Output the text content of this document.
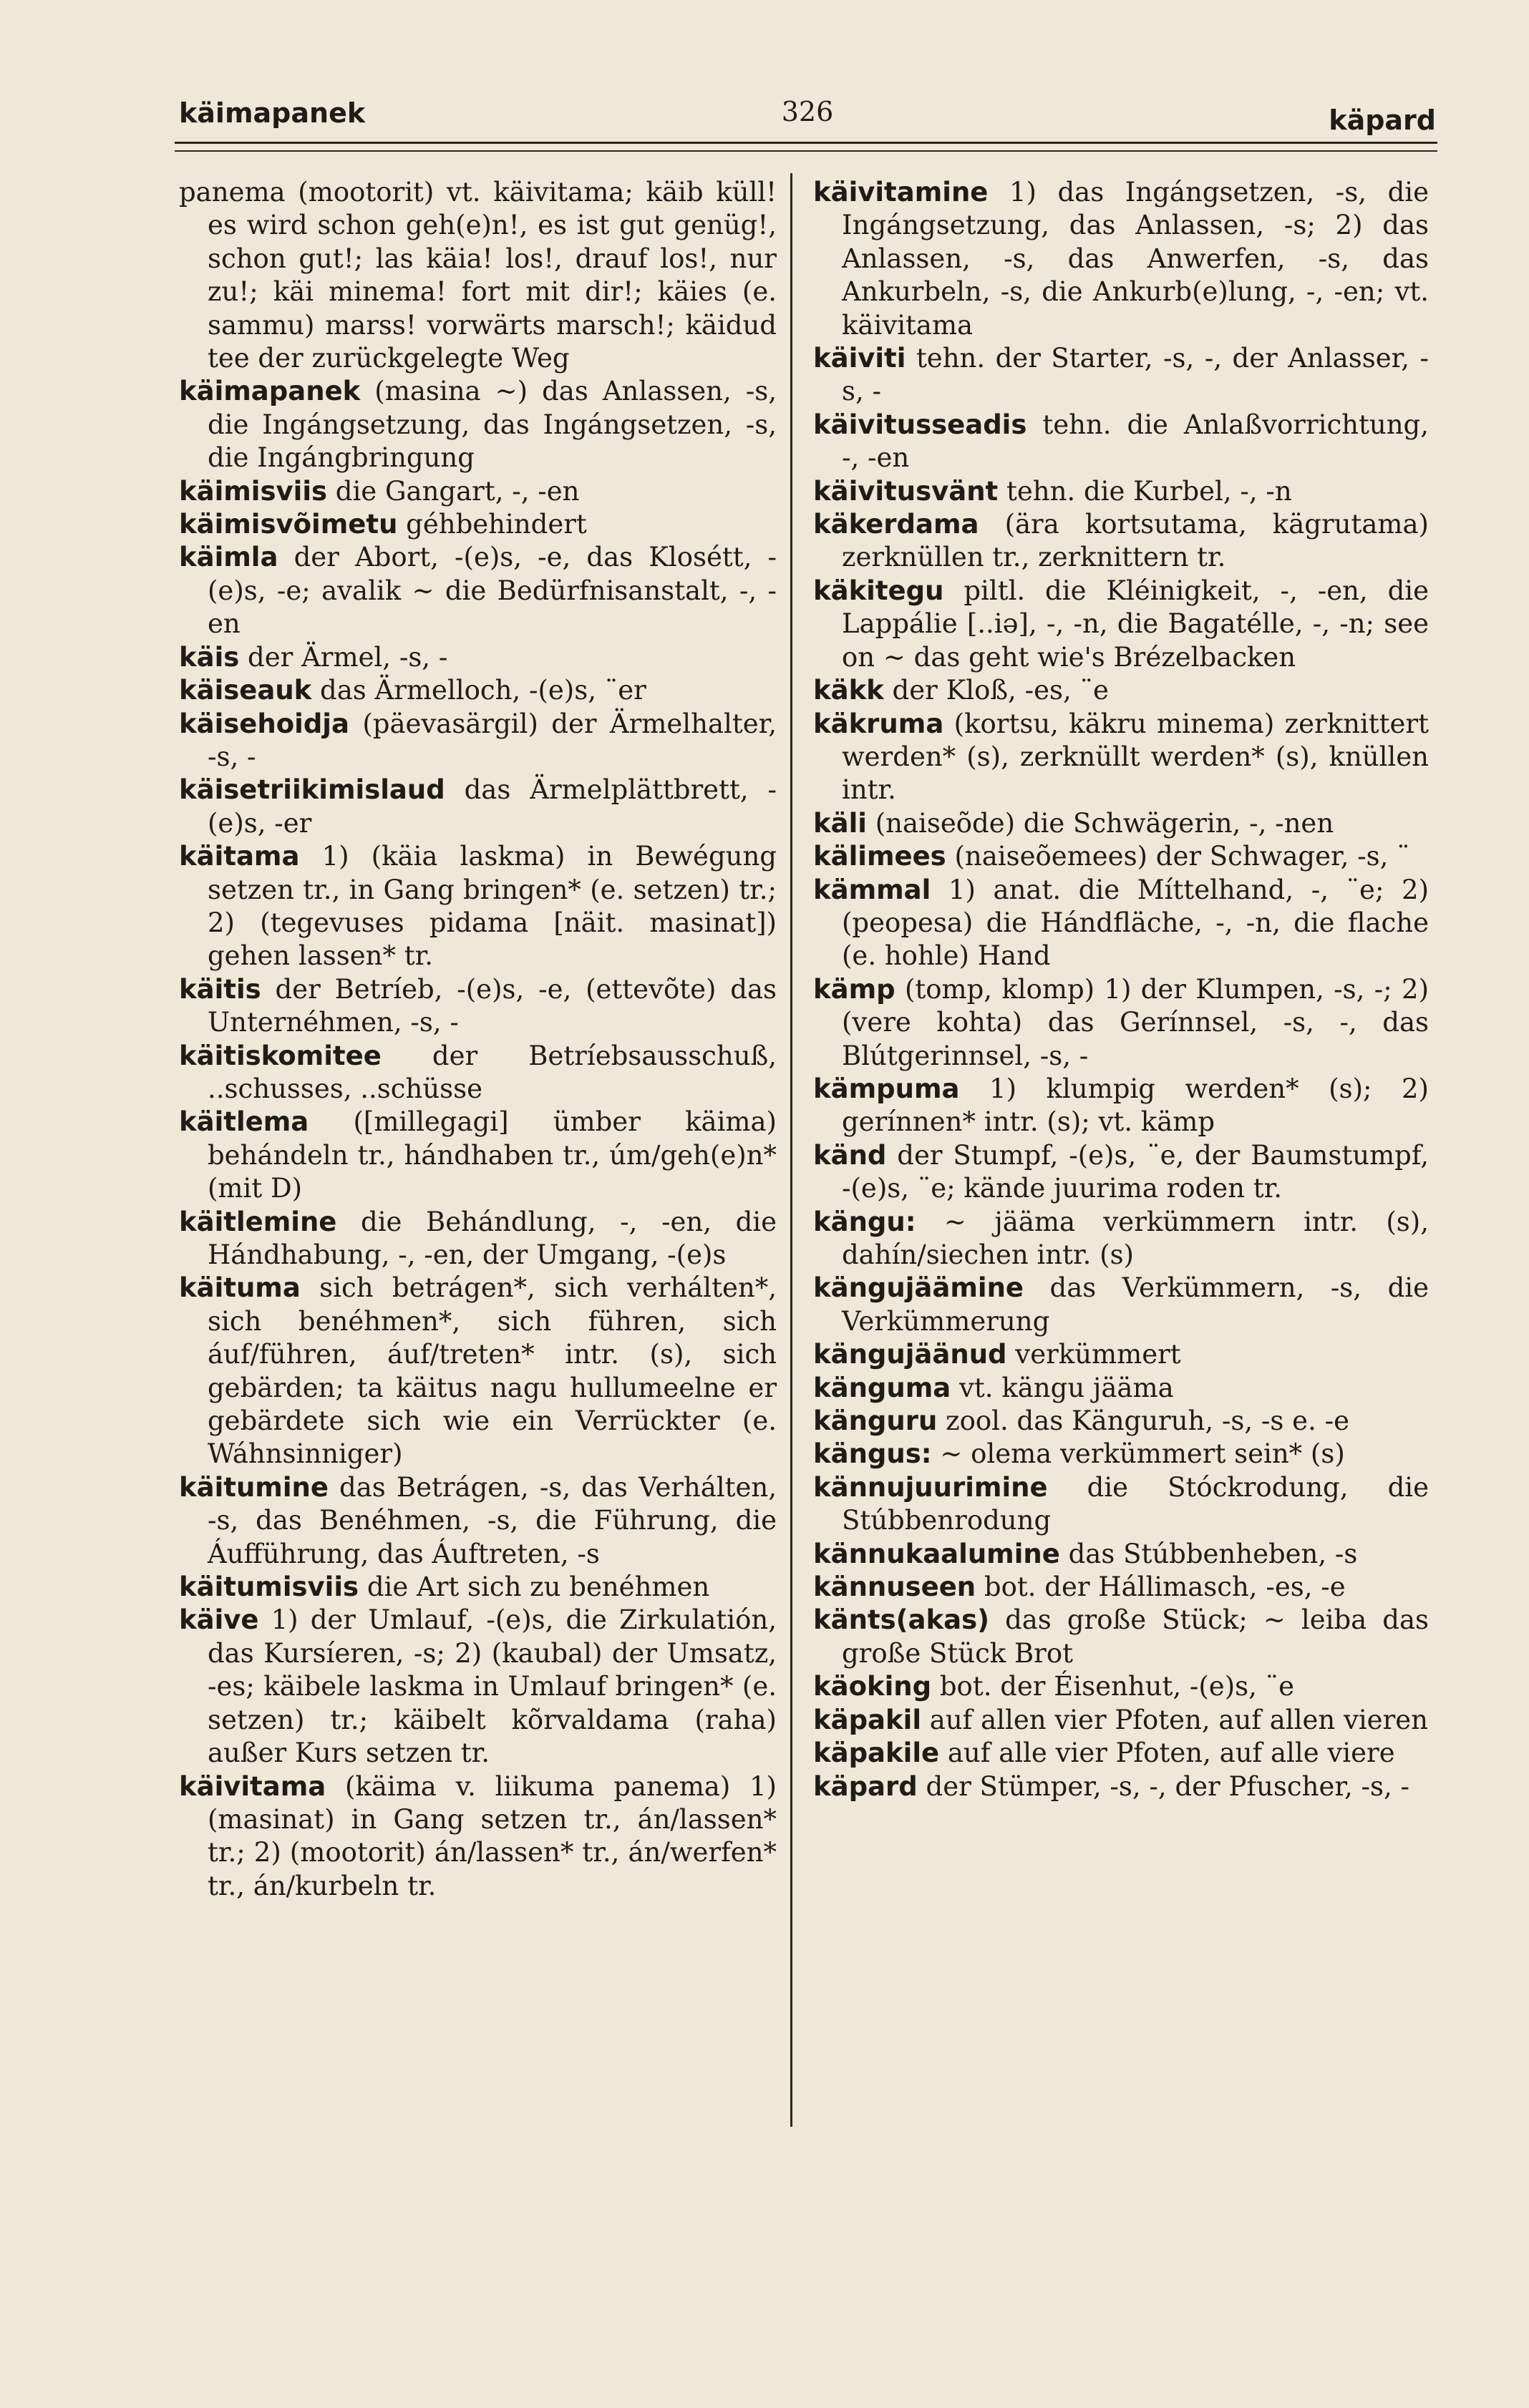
käimapanek	326	käpard

panema (mootorit) vt. käivitama; käib küll! es wird schon geh(e)n!, es ist gut genüg!, schon gut!; las käia! los!, drauf los!, nur zu!; käi minema! fort mit dir!; käies (e. sammu) marss! vorwärts marsch!; käidud tee der zurückgelegte Weg

käimapanek (masina ~) das Anlassen, -s, die Ingángsetzung, das Ingángsetzen, -s, die Ingángbringung

käimisviis die Gangart, -, -en

käimisvõimetu géhbehindert

käimla der Abort, -(e)s, -e, das Klosétt, -(e)s, -e; avalik ~ die Bedürfnisanstalt, -, -en

käis der Ärmel, -s, -

käiseauk das Ärmelloch, -(e)s, ¨er

käisehoidja (päevasärgil) der Ärmelhalter, -s, -

käisetriikimislaud das Ärmelplättbrett, -(e)s, -er

käitama 1) (käia laskma) in Bewégung setzen tr., in Gang bringen* (e. setzen) tr.; 2) (tegevuses pidama [näit. masinat]) gehen lassen* tr.

käitis der Betríeb, -(e)s, -e, (ettevõte) das Unternéhmen, -s, -

käitiskomitee der Betríebsausschuß, ..schusses, ..schüsse

käitlema ([millegagi] ümber käima) behándeln tr., hándhaben tr., úm/geh(e)n* (mit D)

käitlemine die Behándlung, -, -en, die Hándhabung, -, -en, der Umgang, -(e)s

käituma sich betrágen*, sich verhálten*, sich benéhmen*, sich führen, sich áuf/führen, áuf/treten* intr. (s), sich gebärden; ta käitus nagu hullumeelne er gebärdete sich wie ein Verrückter (e. Wáhnsinniger)

käitumine das Betrágen, -s, das Verhálten, -s, das Benéhmen, -s, die Führung, die Áufführung, das Áuftreten, -s

käitumisviis die Art sich zu benéhmen

käive 1) der Umlauf, -(e)s, die Zirkulatión, das Kursíeren, -s; 2) (kaubal) der Umsatz, -es; käibele laskma in Umlauf bringen* (e. setzen) tr.; käibelt kõrvaldama (raha) außer Kurs setzen tr.

käivitama (käima v. liikuma panema) 1) (masinat) in Gang setzen tr., án/lassen* tr.; 2) (mootorit) án/lassen* tr., án/werfen* tr., án/kurbeln tr.

käivitamine 1) das Ingángsetzen, -s, die Ingángsetzung, das Anlassen, -s; 2) das Anlassen, -s, das Anwerfen, -s, das Ankurbeln, -s, die Ankurb(e)lung, -, -en; vt. käivitama

käiviti tehn. der Starter, -s, -, der Anlasser, -s, -

käivitusseadis tehn. die Anlaßvorrichtung, -, -en

käivitusvänt tehn. die Kurbel, -, -n

käkerdama (ära kortsutama, kägrutama) zerknüllen tr., zerknittern tr.

käkitegu piltl. die Kléinigkeit, -, -en, die Lappálie [..iə], -, -n, die Bagatélle, -, -n; see on ~ das geht wie's Brézelbacken

käkk der Kloß, -es, ¨e

käkruma (kortsu, käkru minema) zerknittert werden* (s), zerknüllt werden* (s), knüllen intr.

käli (naiseõde) die Schwägerin, -, -nen

kälimees (naiseõemees) der Schwager, -s, ¨

kämmal 1) anat. die Míttelhand, -, ¨e; 2) (peopesa) die Hándfläche, -, -n, die flache (e. hohle) Hand

kämp (tomp, klomp) 1) der Klumpen, -s, -; 2) (vere kohta) das Gerínnsel, -s, -, das Blútgerinnsel, -s, -

kämpuma 1) klumpig werden* (s); 2) gerínnen* intr. (s); vt. kämp

känd der Stumpf, -(e)s, ¨e, der Baumstumpf, -(e)s, ¨e; kände juurima roden tr.

kängu: ~ jääma verkümmern intr. (s), dahín/siechen intr. (s)

kängujäämine das Verkümmern, -s, die Verkümmerung

kängujäänud verkümmert

känguma vt. kängu jääma

känguru zool. das Känguruh, -s, -s e. -e

kängus: ~ olema verkümmert sein* (s)

kännujuurimine die Stóckrodung, die Stúbbenrodung

kännukaalumine das Stúbbenheben, -s

kännuseen bot. der Hállimasch, -es, -e

känts(akas) das große Stück; ~ leiba das große Stück Brot

käoking bot. der Éisenhut, -(e)s, ¨e

käpakil auf allen vier Pfoten, auf allen vieren

käpakile auf alle vier Pfoten, auf alle viere

käpard der Stümper, -s, -, der Pfuscher, -s, -
